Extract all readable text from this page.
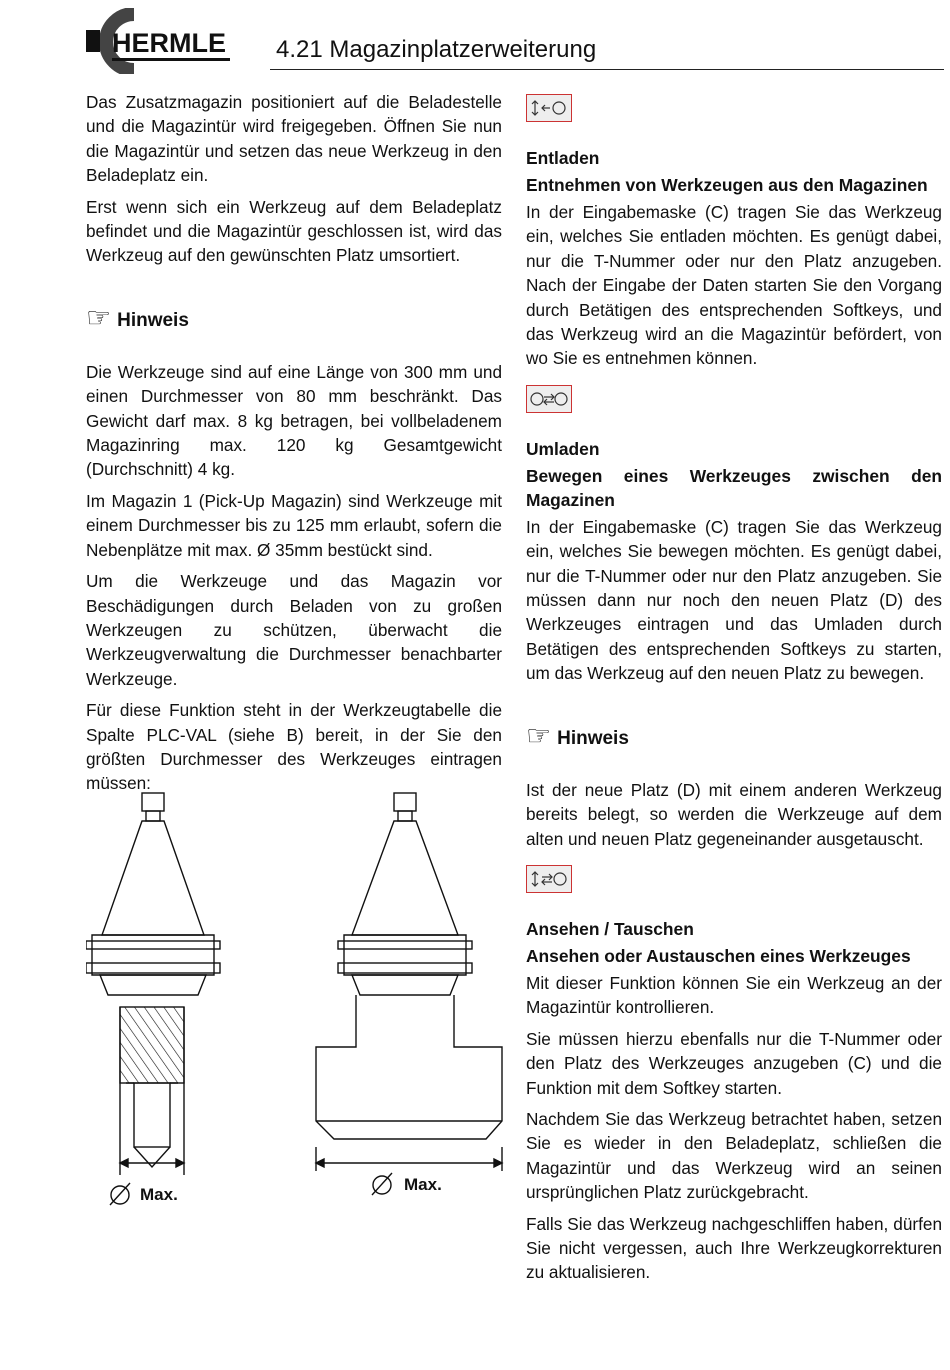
HERMLE 4.21 Magazinplatzerweiterung

Das Zusatzmagazin positioniert auf die Beladestelle und die Magazintür wird freigegeben. Öffnen Sie nun die Magazintür und setzen das neue Werkzeug in den Beladeplatz ein.

Erst wenn sich ein Werkzeug auf dem Beladeplatz befindet und die Magazintür geschlossen ist, wird das Werkzeug auf den gewünschten Platz umsortiert.

☞ Hinweis

Die Werkzeuge sind auf eine Länge von 300 mm und einen Durchmesser von 80 mm beschränkt. Das Gewicht darf max. 8 kg betragen, bei vollbeladenem Magazinring max. 120 kg Gesamtgewicht (Durchschnitt) 4 kg.

Im Magazin 1 (Pick-Up Magazin) sind Werkzeuge mit einem Durchmesser bis zu 125 mm erlaubt, sofern die Nebenplätze mit max. Ø 35mm bestückt sind.

Um die Werkzeuge und das Magazin vor Beschädigungen durch Beladen von zu großen Werkzeugen zu schützen, überwacht die Werkzeugverwaltung die Durchmesser benachbarter Werkzeuge.

Für diese Funktion steht in der Werkzeugtabelle die Spalte PLC-VAL (siehe B) bereit, in der Sie den größten Durchmesser des Werkzeuges eintragen müssen:

Max.
Max.
Entladen
Entnehmen von Werkzeugen aus den Magazinen

In der Eingabemaske (C) tragen Sie das Werkzeug ein, welches Sie entladen möchten. Es genügt dabei, nur die T-Nummer oder nur den Platz anzugeben. Nach der Eingabe der Daten starten Sie den Vorgang durch Betätigen des entsprechenden Softkeys, und das Werkzeug wird an die Magazintür befördert, von wo Sie es entnehmen können.

Umladen
Bewegen eines Werkzeuges zwischen den Magazinen

In der Eingabemaske (C) tragen Sie das Werkzeug ein, welches Sie bewegen möchten. Es genügt dabei, nur die T-Nummer oder nur den Platz anzugeben. Sie müssen dann nur noch den neuen Platz (D) des Werkzeuges eintragen und das Umladen durch Betätigen des entsprechenden Softkeys zu starten, um das Werkzeug auf den neuen Platz zu bewegen.

☞ Hinweis

Ist der neue Platz (D) mit einem anderen Werkzeug bereits belegt, so werden die Werkzeuge auf dem alten und neuen Platz gegeneinander ausgetauscht.

Ansehen / Tauschen
Ansehen oder Austauschen eines Werkzeuges

Mit dieser Funktion können Sie ein Werkzeug an der Magazintür kontrollieren.

Sie müssen hierzu ebenfalls nur die T-Nummer oder den Platz des Werkzeuges anzugeben (C) und die Funktion mit dem Softkey starten.

Nachdem Sie das Werkzeug betrachtet haben, setzen Sie es wieder in den Beladeplatz, schließen die Magazintür und das Werkzeug wird an seinen ursprünglichen Platz zurückgebracht.

Falls Sie das Werkzeug nachgeschliffen haben, dürfen Sie nicht vergessen, auch Ihre Werkzeugkorrekturen zu aktualisieren.
